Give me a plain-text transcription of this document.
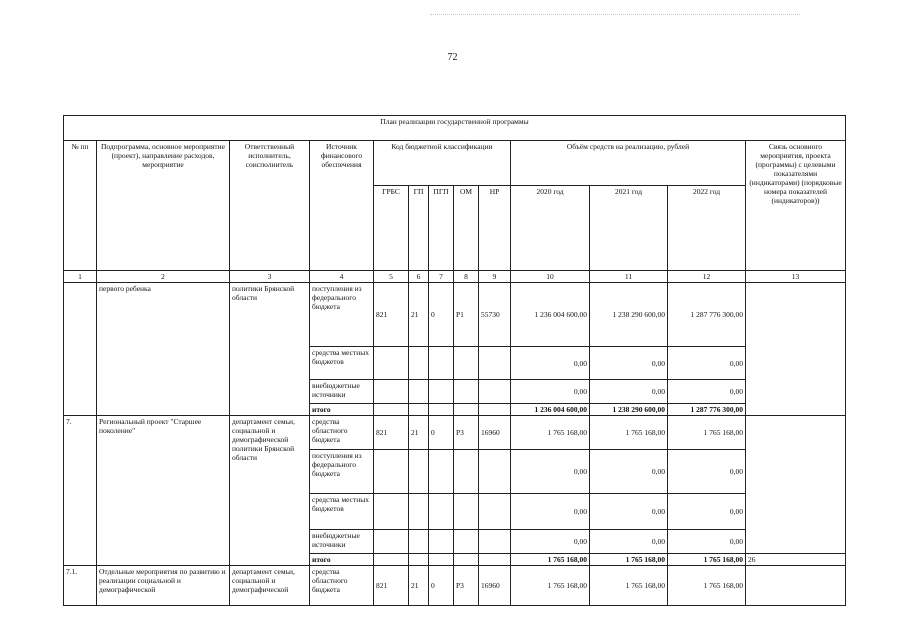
72
План реализации государственной программы												
№ пп	Подпрограмма, основное мероприятие (проект), направление расходов, мероприятие	Ответственный исполнитель, соисполнитель	Источник финансового обеспечения	Код бюджетной классификации					Объём средств на реализацию, рублей			Связь основного мероприятия, проекта (программы) с целевыми показателями (индикаторами) (порядковые номера показателей (индикаторов))
				ГРБС	ГП	ПГП	ОМ	НР	2020 год	2021 год	2022 год	
1	2	3	4	5	6	7	8	9	10	11	12	13
	первого ребенка	политики Брянской области	поступления из федерального бюджета	821	21	0	P1	55730	1 236 004 600,00	1 238 290 600,00	1 287 776 300,00	
			средства местных бюджетов						0,00	0,00	0,00	
			внебюджетные источники						0,00	0,00	0,00	
			итого						1 236 004 600,00	1 238 290 600,00	1 287 776 300,00	
7.	Региональный проект "Старшее поколение"	департамент семьи, социальной и демографической политики Брянской области	средства областного бюджета	821	21	0	P3	16960	1 765 168,00	1 765 168,00	1 765 168,00	
			поступления из федерального бюджета						0,00	0,00	0,00	
			средства местных бюджетов						0,00	0,00	0,00	
			внебюджетные источники						0,00	0,00	0,00	
			итого						1 765 168,00	1 765 168,00	1 765 168,00	26
7.1.	Отдельные мероприятия по развитию и реализации социальной и демографической	департамент семьи, социальной и демографической	средства областного бюджета	821	21	0	P3	16960	1 765 168,00	1 765 168,00	1 765 168,00	
